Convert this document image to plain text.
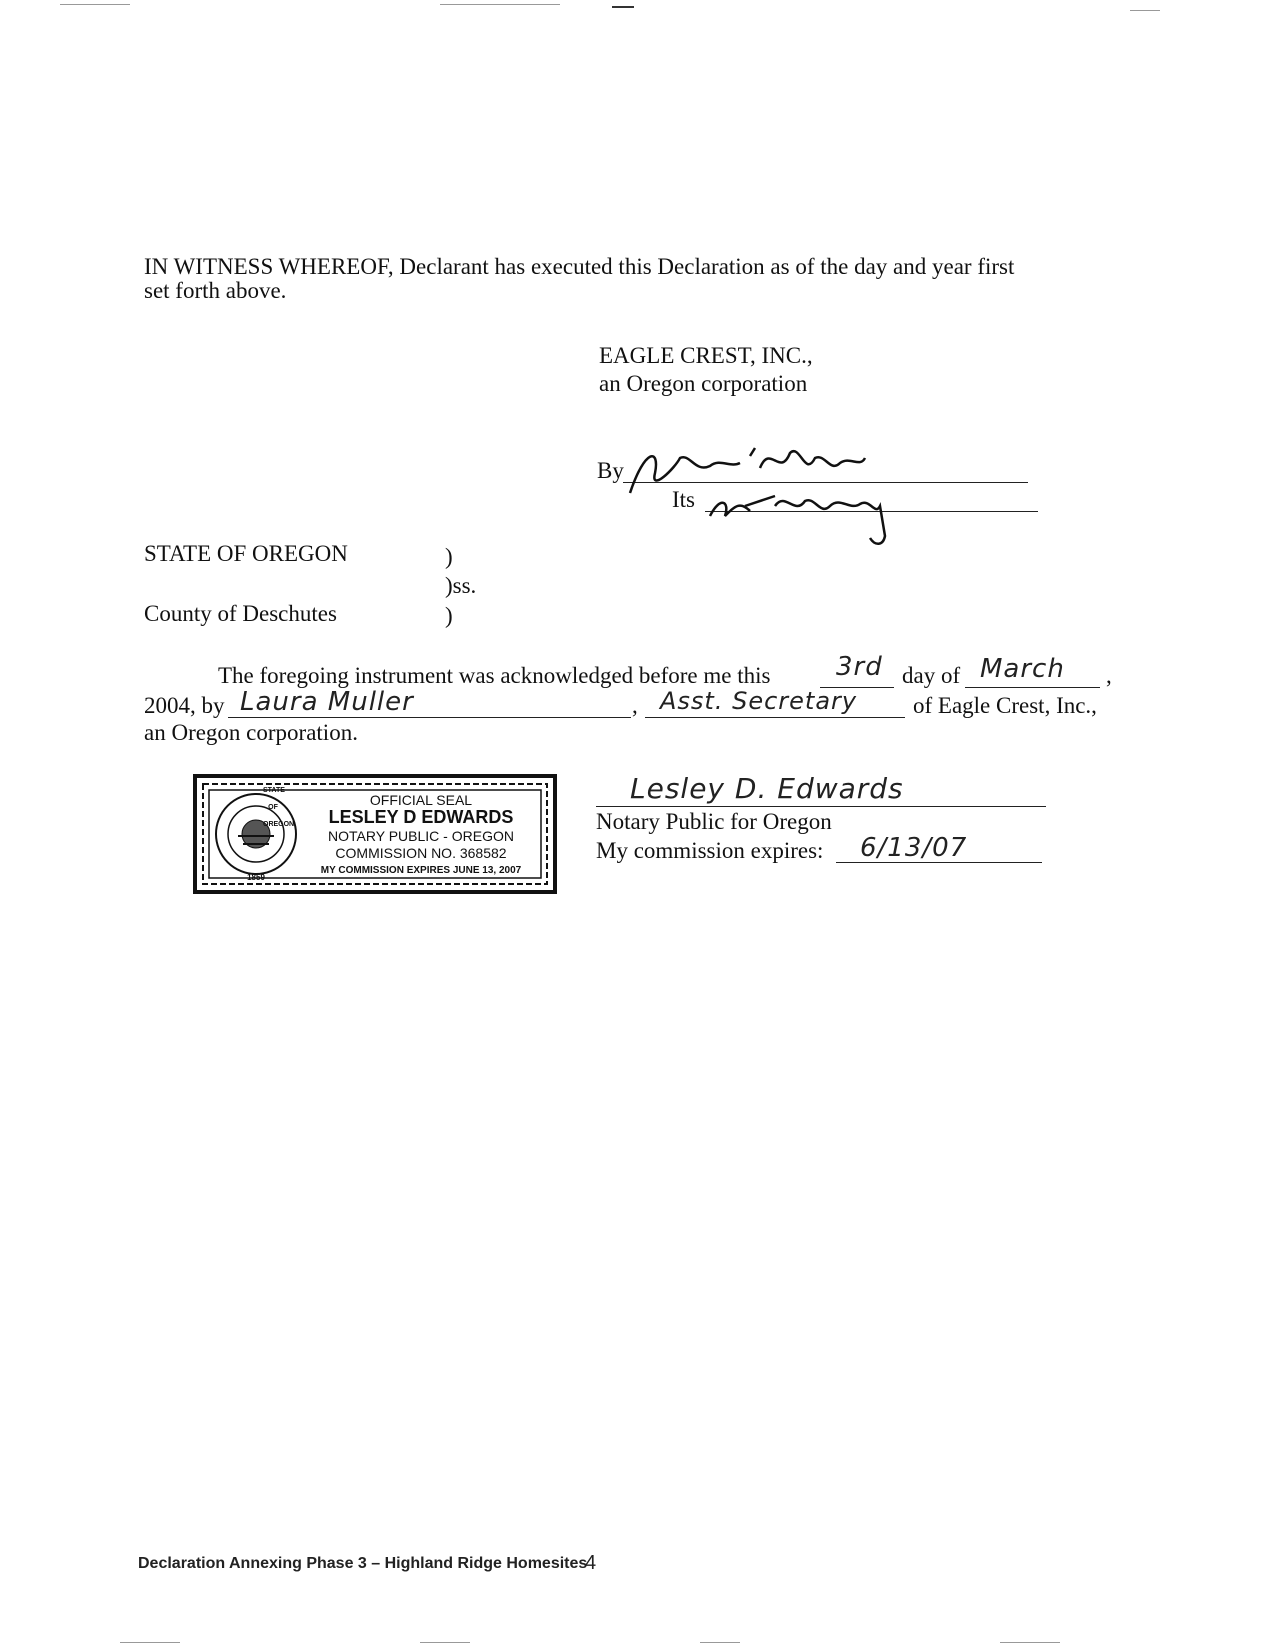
IN WITNESS WHEREOF, Declarant has executed this Declaration as of the day and year first
set forth above.
EAGLE CREST, INC.,
an Oregon corporation
By
Its
STATE OF OREGON	)
)ss.
County of Deschutes	)
The foregoing instrument was acknowledged before me this	3rd day of March ,
2004, by Laura Muller	, Asst. Secretary of Eagle Crest, Inc.,
an Oregon corporation.
STATE OF OREGON
1859
OFFICIAL SEAL
LESLEY D EDWARDS
NOTARY PUBLIC - OREGON
COMMISSION NO. 368582
MY COMMISSION EXPIRES JUNE 13, 2007
Lesley D. Edwards
Notary Public for Oregon
My commission expires: 6/13/07
Declaration Annexing Phase 3 – Highland Ridge Homesites
4
